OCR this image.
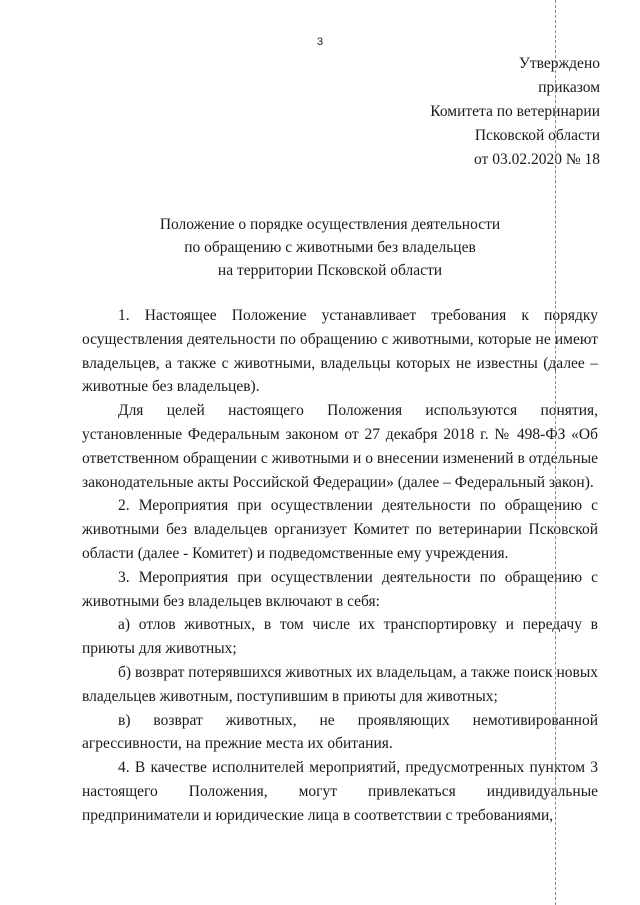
3
Утверждено
приказом
Комитета по ветеринарии
Псковской области
от 03.02.2020 № 18
Положение о порядке осуществления деятельности
по обращению с животными без владельцев
на территории Псковской области

1. Настоящее Положение устанавливает требования к порядку осуществления деятельности по обращению с животными, которые не имеют владельцев, а также с животными, владельцы которых не известны (далее – животные без владельцев).

Для целей настоящего Положения используются понятия, установленные Федеральным законом от 27 декабря 2018 г. № 498-ФЗ «Об ответственном обращении с животными и о внесении изменений в отдельные законодательные акты Российской Федерации» (далее – Федеральный закон).

2. Мероприятия при осуществлении деятельности по обращению с животными без владельцев организует Комитет по ветеринарии Псковской области (далее - Комитет) и подведомственные ему учреждения.

3. Мероприятия при осуществлении деятельности по обращению с животными без владельцев включают в себя:

а) отлов животных, в том числе их транспортировку и передачу в приюты для животных;

б) возврат потерявшихся животных их владельцам, а также поиск новых владельцев животным, поступившим в приюты для животных;

в) возврат животных, не проявляющих немотивированной агрессивности, на прежние места их обитания.

4. В качестве исполнителей мероприятий, предусмотренных пунктом 3 настоящего Положения, могут привлекаться индивидуальные предприниматели и юридические лица в соответствии с требованиями,
